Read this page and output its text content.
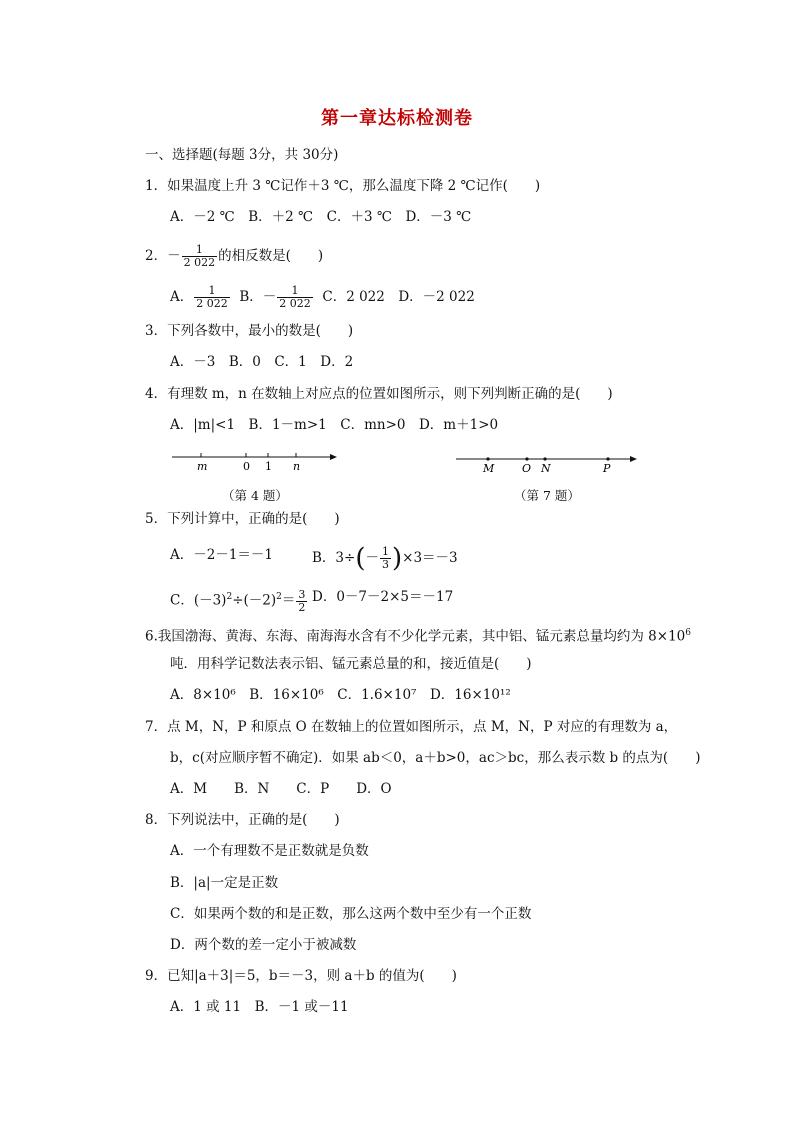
第一章达标检测卷
一、选择题(每题 3分，共 30分)
1．如果温度上升 3 ℃记作＋3 ℃，那么温度下降 2 ℃记作(　　)
A．－2 ℃　B．＋2 ℃　C．＋3 ℃　D．－3 ℃
2．－ $\frac{1}{2 022}$ 的相反数是(　　)
A． $\frac{1}{2 022}$ B．－ $\frac{1}{2 022}$ C．2 022　D．－2 022
3．下列各数中，最小的数是(　　)
A．－3　B．0　C．1　D．2
4．有理数 m，n 在数轴上对应点的位置如图所示，则下列判断正确的是(　　)
A．|m|<1　B．1－m>1　C．mn>0　D．m＋1>0
m	0 1 n
（第 4 题）
M	O N	P
（第 7 题）
5．下列计算中，正确的是(　　)
A．－2－1＝－1	B．$3\div(- \frac{1}{3} )\times 3=-3$
C．$(-3)^2\div(-2)^2= \frac{3}{2}$ D．0－7－2×5＝－17
6.我国渤海、黄海、东海、南海海水含有不少化学元素，其中铝、锰元素总量均约为 $8\times 10^6$
吨．用科学记数法表示铝、锰元素总量的和，接近值是(　　)
A．8×10⁶　B．16×10⁶　C．1.6×10⁷　D．16×10¹²
7．点 M，N，P 和原点 O 在数轴上的位置如图所示，点 M，N，P 对应的有理数为 a，
b，c(对应顺序暂不确定)．如果 ab＜0，a＋b>0，ac＞bc，那么表示数 b 的点为(　　)
A．M　　B．N　　C．P　　D．O
8．下列说法中，正确的是(　　)
A．一个有理数不是正数就是负数
B．|a|一定是正数
C．如果两个数的和是正数，那么这两个数中至少有一个正数
D．两个数的差一定小于被减数
9．已知|a＋3|＝5，b＝－3，则 a＋b 的值为(　　)
A．1 或 11　B．－1 或－11
